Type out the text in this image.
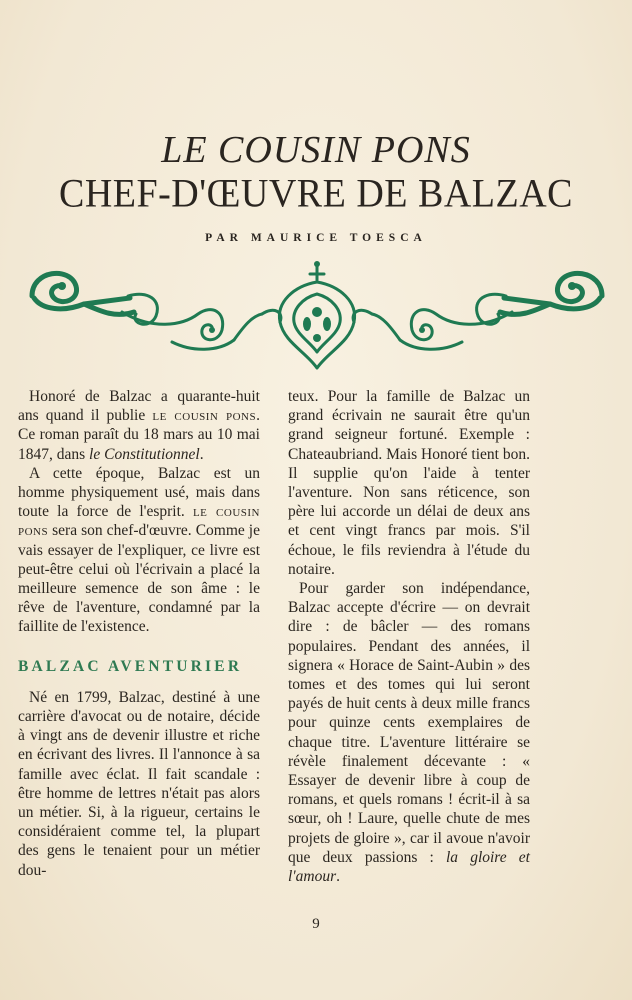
LE COUSIN PONS
CHEF-D'ŒUVRE DE BALZAC
PAR MAURICE TOESCA

Honoré de Balzac a quarante-huit ans quand il publie le cousin pons. Ce roman paraît du 18 mars au 10 mai 1847, dans le Constitutionnel.

A cette époque, Balzac est un homme physiquement usé, mais dans toute la force de l'esprit. le cousin pons sera son chef-d'œuvre. Comme je vais essayer de l'expliquer, ce livre est peut-être celui où l'écrivain a placé la meilleure semence de son âme : le rêve de l'aventure, condamné par la faillite de l'existence.

BALZAC AVENTURIER

Né en 1799, Balzac, destiné à une carrière d'avocat ou de notaire, décide à vingt ans de devenir illustre et riche en écrivant des livres. Il l'annonce à sa famille avec éclat. Il fait scandale : être homme de lettres n'était pas alors un métier. Si, à la rigueur, certains le considéraient comme tel, la plupart des gens le tenaient pour un métier dou-

teux. Pour la famille de Balzac un grand écrivain ne saurait être qu'un grand seigneur fortuné. Exemple : Chateaubriand. Mais Honoré tient bon. Il supplie qu'on l'aide à tenter l'aventure. Non sans réticence, son père lui accorde un délai de deux ans et cent vingt francs par mois. S'il échoue, le fils reviendra à l'étude du notaire.

Pour garder son indépendance, Balzac accepte d'écrire — on devrait dire : de bâcler — des romans populaires. Pendant des années, il signera « Horace de Saint-Aubin » des tomes et des tomes qui lui seront payés de huit cents à deux mille francs pour quinze cents exemplaires de chaque titre. L'aventure littéraire se révèle finalement décevante : « Essayer de devenir libre à coup de romans, et quels romans ! écrit-il à sa sœur, oh ! Laure, quelle chute de mes projets de gloire », car il avoue n'avoir que deux passions : la gloire et l'amour.

9
